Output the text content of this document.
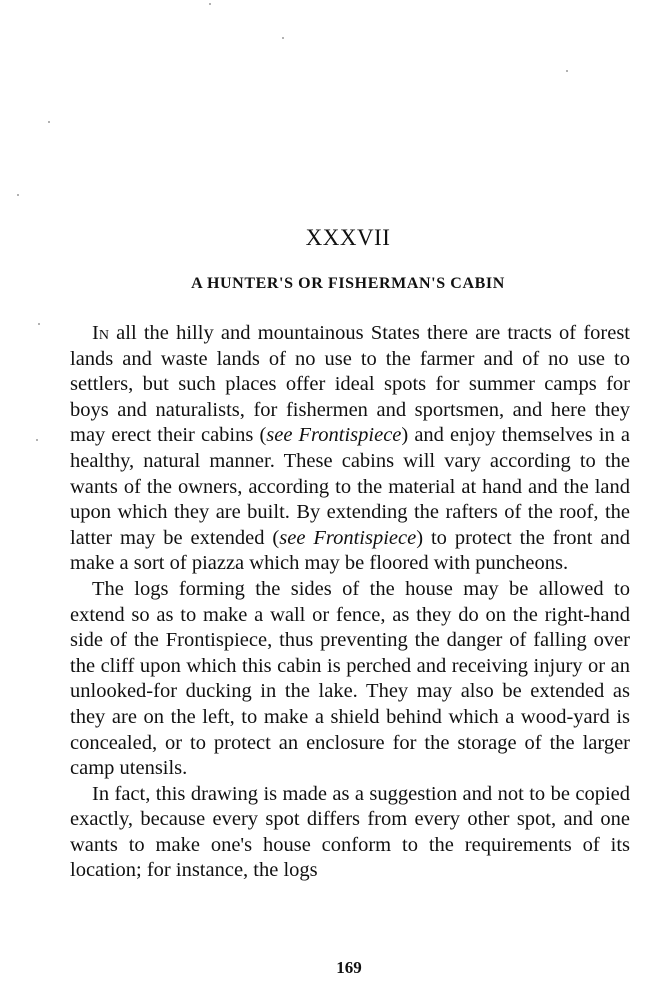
XXXVII
A HUNTER'S OR FISHERMAN'S CABIN

In all the hilly and mountainous States there are tracts of forest lands and waste lands of no use to the farmer and of no use to settlers, but such places offer ideal spots for summer camps for boys and naturalists, for fishermen and sportsmen, and here they may erect their cabins (see Frontispiece) and enjoy themselves in a healthy, natural manner. These cabins will vary according to the wants of the owners, according to the material at hand and the land upon which they are built. By extending the rafters of the roof, the latter may be extended (see Frontispiece) to protect the front and make a sort of piazza which may be floored with puncheons.

The logs forming the sides of the house may be allowed to extend so as to make a wall or fence, as they do on the right-hand side of the Frontispiece, thus preventing the danger of falling over the cliff upon which this cabin is perched and receiving injury or an unlooked-for ducking in the lake. They may also be extended as they are on the left, to make a shield behind which a wood-yard is concealed, or to protect an enclosure for the storage of the larger camp utensils.

In fact, this drawing is made as a suggestion and not to be copied exactly, because every spot differs from every other spot, and one wants to make one's house conform to the requirements of its location; for instance, the logs

169
